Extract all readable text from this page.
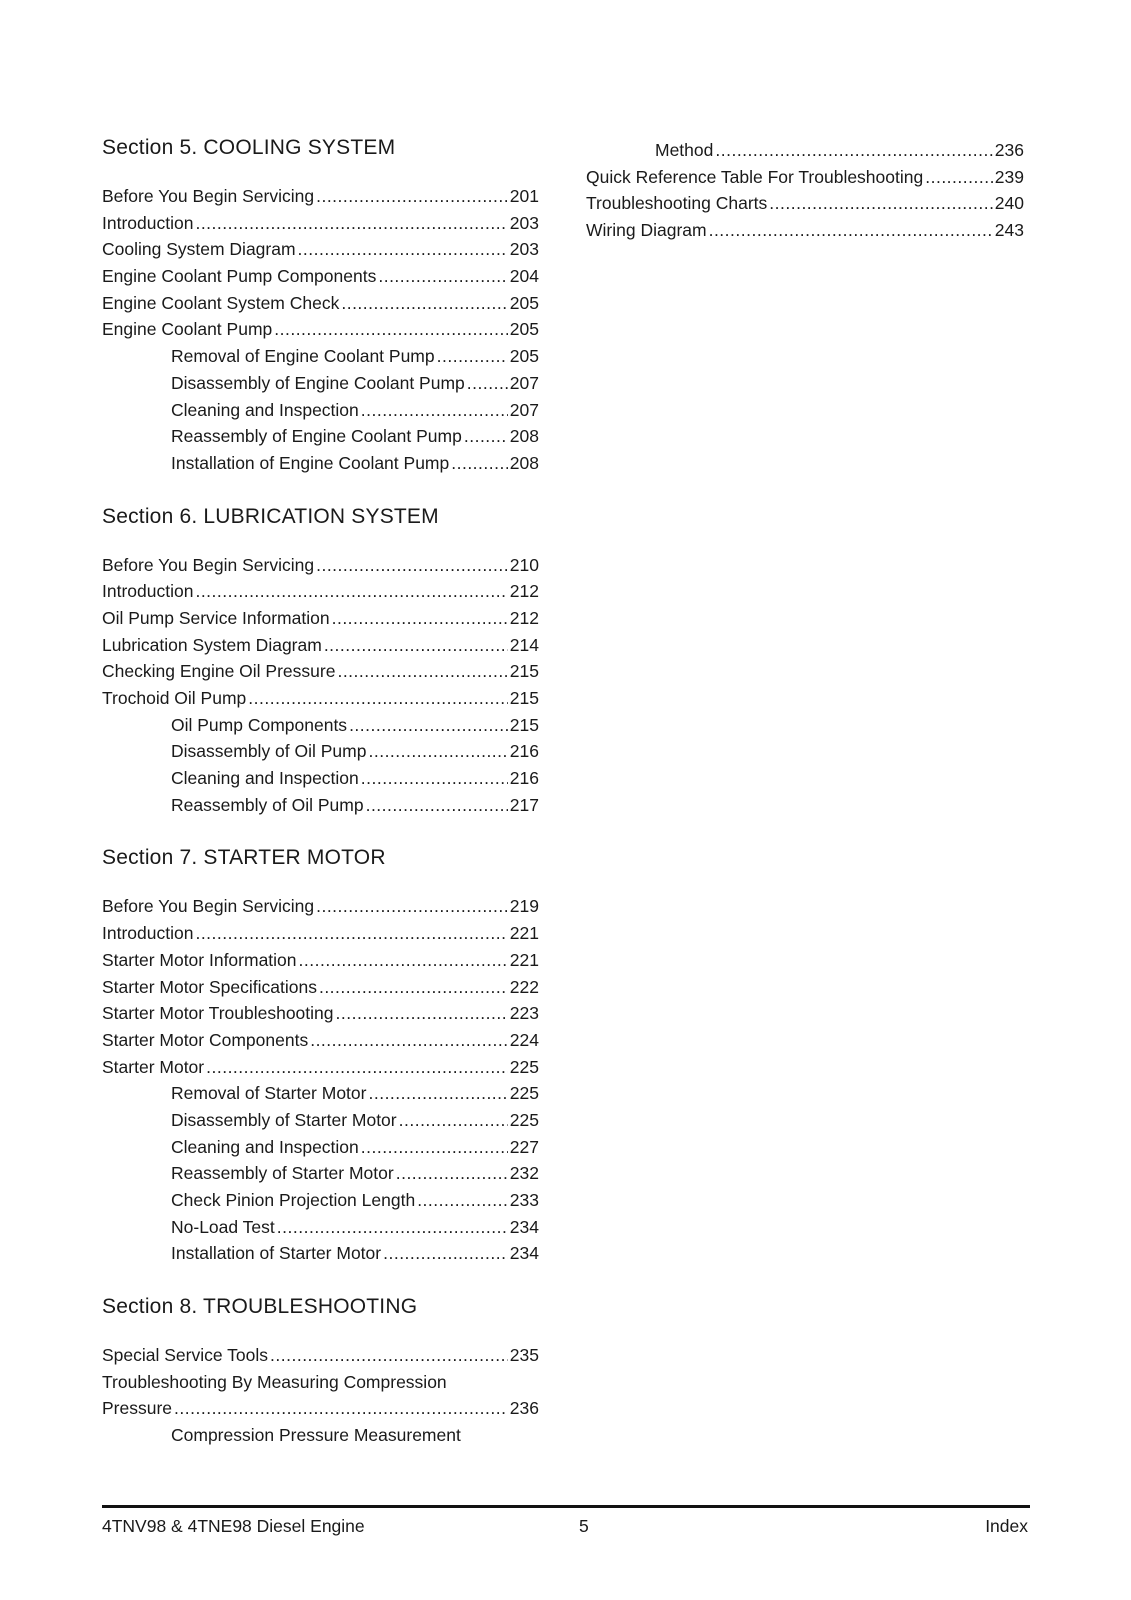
Section 5. COOLING SYSTEM
Before You Begin Servicing .....	201
Introduction .....	203
Cooling System Diagram .....	203
Engine Coolant Pump Components .....	204
Engine Coolant System Check .....	205
Engine Coolant Pump .....	205
Removal of Engine Coolant Pump .....	205
Disassembly of Engine Coolant Pump .....	207
Cleaning and Inspection .....	207
Reassembly of Engine Coolant Pump .....	208
Installation of Engine Coolant Pump .....	208
Section 6. LUBRICATION SYSTEM
Before You Begin Servicing .....	210
Introduction .....	212
Oil Pump Service Information .....	212
Lubrication System Diagram .....	214
Checking Engine Oil Pressure .....	215
Trochoid Oil Pump .....	215
Oil Pump Components .....	215
Disassembly of Oil Pump .....	216
Cleaning and Inspection .....	216
Reassembly of Oil Pump .....	217
Section 7. STARTER MOTOR
Before You Begin Servicing .....	219
Introduction .....	221
Starter Motor Information .....	221
Starter Motor Specifications .....	222
Starter Motor Troubleshooting .....	223
Starter Motor Components .....	224
Starter Motor .....	225
Removal of Starter Motor .....	225
Disassembly of Starter Motor .....	225
Cleaning and Inspection .....	227
Reassembly of Starter Motor .....	232
Check Pinion Projection Length .....	233
No-Load Test .....	234
Installation of Starter Motor .....	234
Section 8. TROUBLESHOOTING
Special Service Tools .....	235
Troubleshooting By Measuring Compression
Pressure .....	236
Compression Pressure Measurement
Method .....	236
Quick Reference Table For Troubleshooting .....	239
Troubleshooting Charts .....	240
Wiring Diagram .....	243
4TNV98 & 4TNE98 Diesel Engine	5	Index
